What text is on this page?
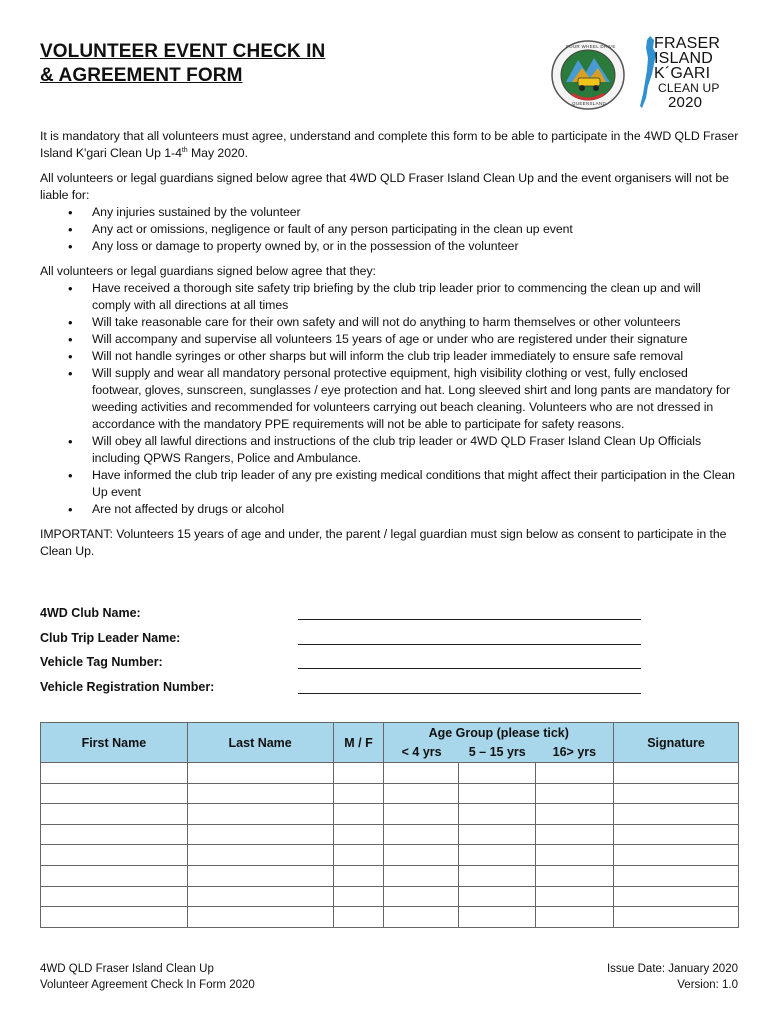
VOLUNTEER EVENT CHECK IN
& AGREEMENT FORM
FOUR WHEEL DRIVE
QUEENSLAND
FRASER
ISLAND
K´GARI
CLEAN UP
2020
It is mandatory that all volunteers must agree, understand and complete this form to be able to participate in the 4WD QLD Fraser Island K'gari Clean Up 1-4th May 2020.
All volunteers or legal guardians signed below agree that 4WD QLD Fraser Island Clean Up and the event organisers will not be liable for:
• Any injuries sustained by the volunteer
• Any act or omissions, negligence or fault of any person participating in the clean up event
• Any loss or damage to property owned by, or in the possession of the volunteer
All volunteers or legal guardians signed below agree that they:
• Have received a thorough site safety trip briefing by the club trip leader prior to commencing the clean up and will comply with all directions at all times
• Will take reasonable care for their own safety and will not do anything to harm themselves or other volunteers
• Will accompany and supervise all volunteers 15 years of age or under who are registered under their signature
• Will not handle syringes or other sharps but will inform the club trip leader immediately to ensure safe removal
• Will supply and wear all mandatory personal protective equipment, high visibility clothing or vest, fully enclosed footwear, gloves, sunscreen, sunglasses / eye protection and hat. Long sleeved shirt and long pants are mandatory for weeding activities and recommended for volunteers carrying out beach cleaning. Volunteers who are not dressed in accordance with the mandatory PPE requirements will not be able to participate for safety reasons.
• Will obey all lawful directions and instructions of the club trip leader or 4WD QLD Fraser Island Clean Up Officials including QPWS Rangers, Police and Ambulance.
• Have informed the club trip leader of any pre existing medical conditions that might affect their participation in the Clean Up event
• Are not affected by drugs or alcohol
IMPORTANT: Volunteers 15 years of age and under, the parent / legal guardian must sign below as consent to participate in the Clean Up.
4WD Club Name:
Club Trip Leader Name:
Vehicle Tag Number:
Vehicle Registration Number:
First Name	Last Name	M / F	Age Group (please tick)			Signature
			< 4 yrs	5 – 15 yrs	16> yrs	

4WD QLD Fraser Island Clean Up
Volunteer Agreement Check In Form 2020
Issue Date: January 2020
Version: 1.0
